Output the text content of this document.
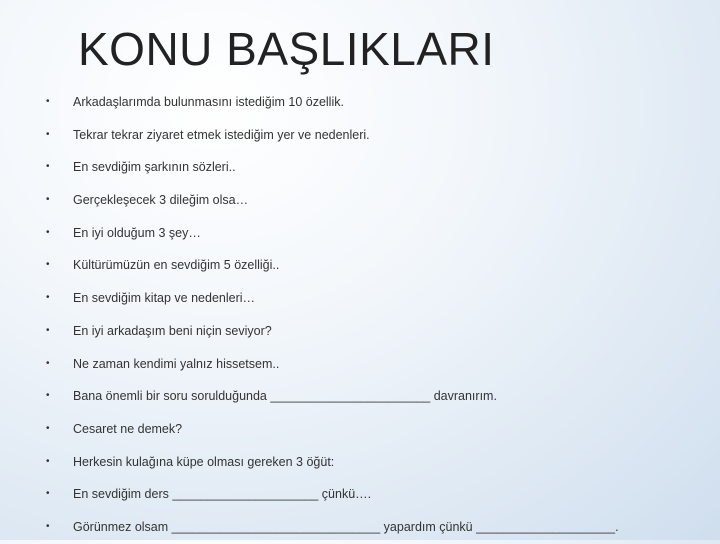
KONU BAŞLIKLARI
• Arkadaşlarımda bulunmasını istediğim 10 özellik.
• Tekrar tekrar ziyaret etmek istediğim yer ve nedenleri.
• En sevdiğim şarkının sözleri..
• Gerçekleşecek 3 dileğim olsa…
• En iyi olduğum 3 şey…
• Kültürümüzün en sevdiğim 5 özelliği..
• En sevdiğim kitap ve nedenleri…
• En iyi arkadaşım beni niçin seviyor?
• Ne zaman kendimi yalnız hissetsem..
• Bana önemli bir soru sorulduğunda _______________________ davranırım.
• Cesaret ne demek?
• Herkesin kulağına küpe olması gereken 3 öğüt:
• En sevdiğim ders _____________________ çünkü….
• Görünmez olsam ______________________________ yapardım çünkü ____________________.
